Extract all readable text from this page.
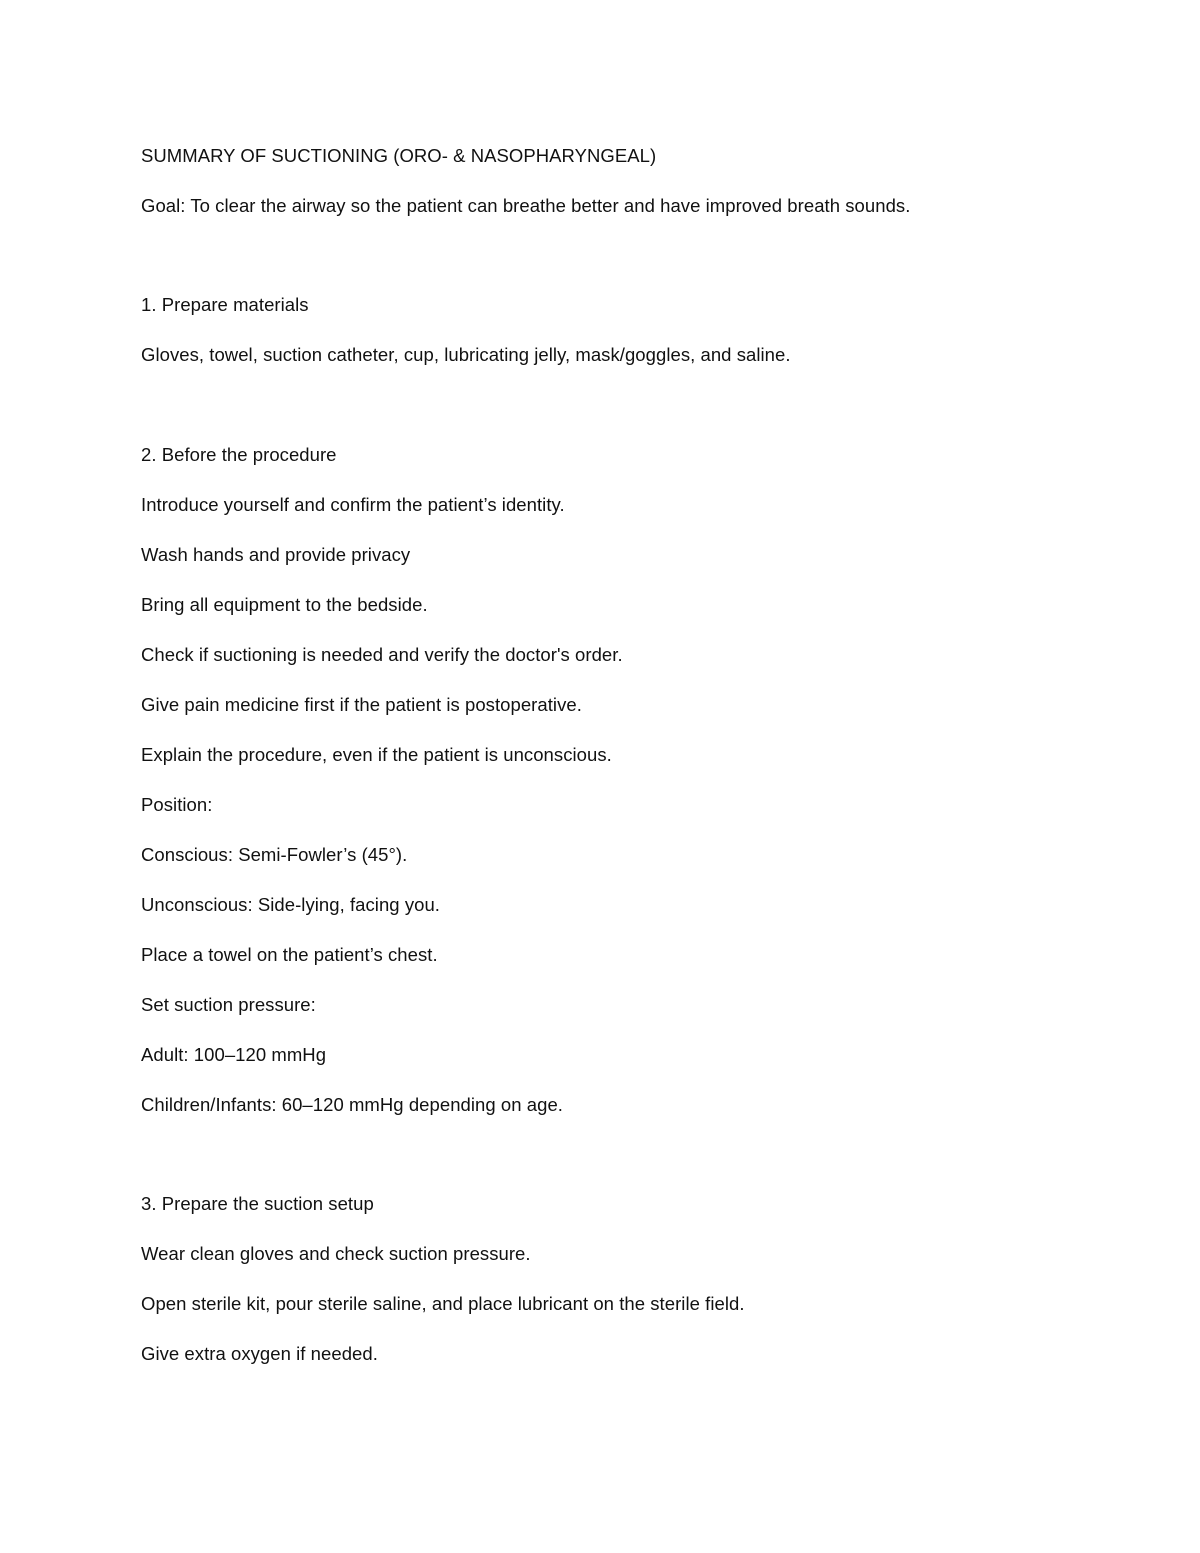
SUMMARY OF SUCTIONING (ORO- & NASOPHARYNGEAL)

Goal: To clear the airway so the patient can breathe better and have improved breath sounds.

1. Prepare materials

Gloves, towel, suction catheter, cup, lubricating jelly, mask/goggles, and saline.

2. Before the procedure

Introduce yourself and confirm the patient’s identity.

Wash hands and provide privacy

Bring all equipment to the bedside.

Check if suctioning is needed and verify the doctor's order.

Give pain medicine first if the patient is postoperative.

Explain the procedure, even if the patient is unconscious.

Position:

Conscious: Semi-Fowler’s (45°).

Unconscious: Side-lying, facing you.

Place a towel on the patient’s chest.

Set suction pressure:

Adult: 100–120 mmHg

Children/Infants: 60–120 mmHg depending on age.

3. Prepare the suction setup

Wear clean gloves and check suction pressure.

Open sterile kit, pour sterile saline, and place lubricant on the sterile field.

Give extra oxygen if needed.
